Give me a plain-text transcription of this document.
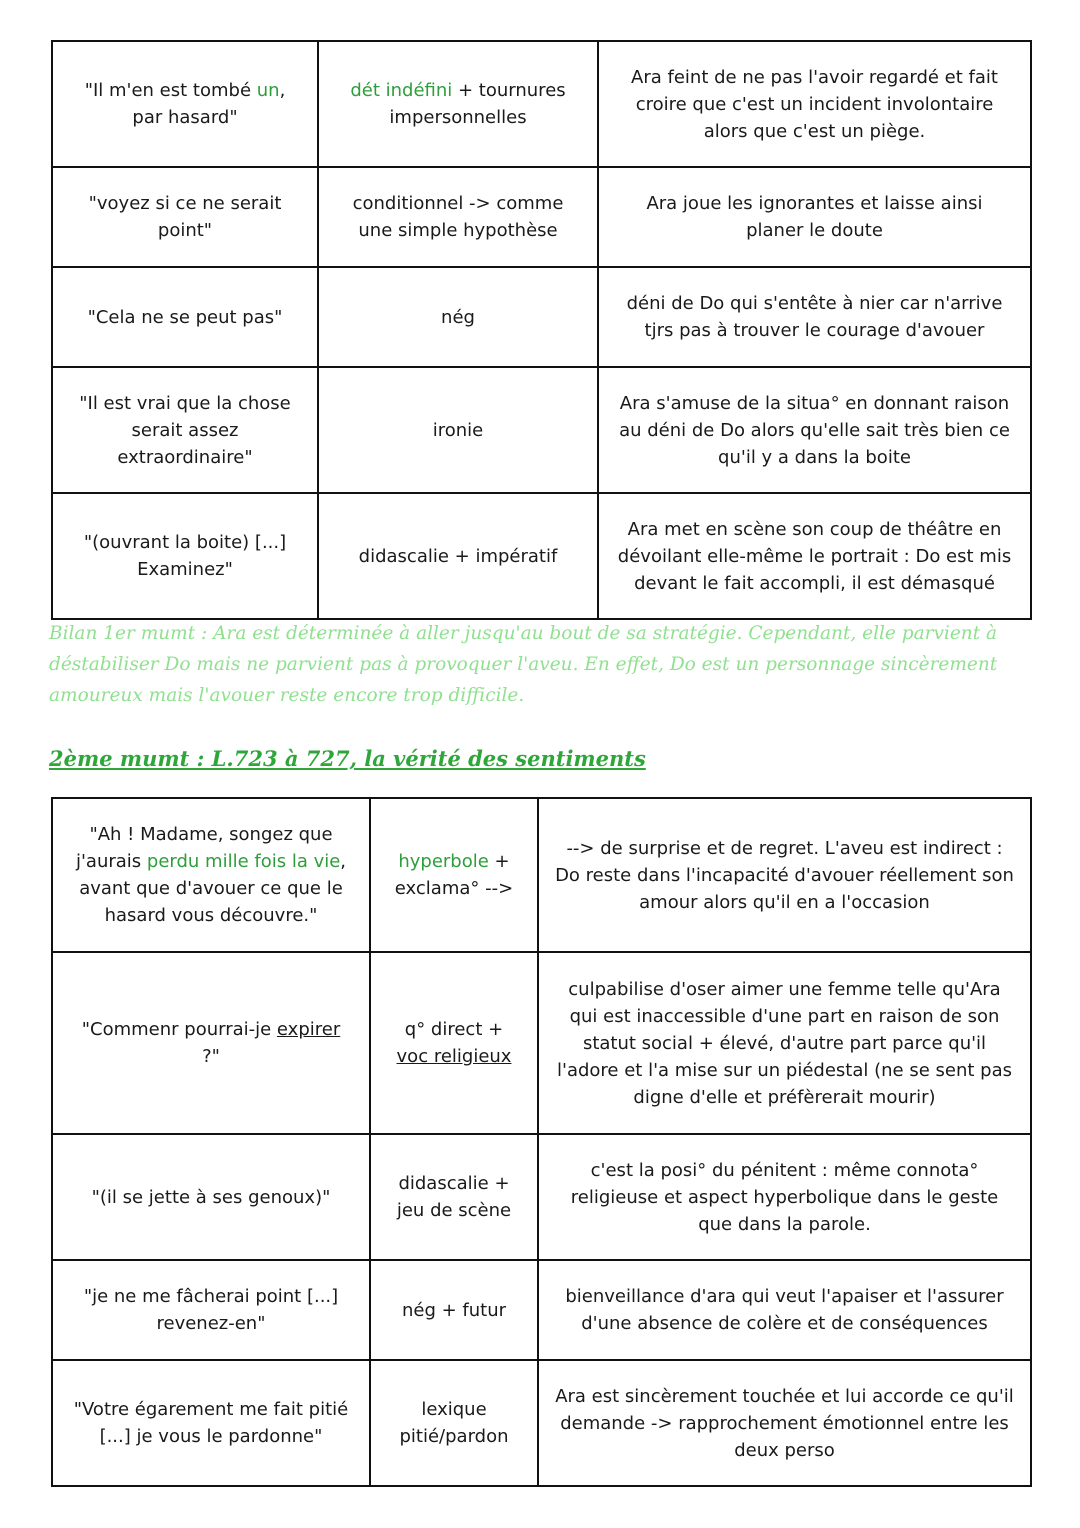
"Il m'en est tombé un,
par hasard"	dét indéfini + tournures
impersonnelles	Ara feint de ne pas l'avoir regardé et fait
croire que c'est un incident involontaire
alors que c'est un piège.
"voyez si ce ne serait
point"	conditionnel -> comme
une simple hypothèse	Ara joue les ignorantes et laisse ainsi
planer le doute
"Cela ne se peut pas"	nég	déni de Do qui s'entête à nier car n'arrive
tjrs pas à trouver le courage d'avouer
"Il est vrai que la chose
serait assez
extraordinaire"	ironie	Ara s'amuse de la situa° en donnant raison
au déni de Do alors qu'elle sait très bien ce
qu'il y a dans la boite
"(ouvrant la boite) [...]
Examinez"	didascalie + impératif	Ara met en scène son coup de théâtre en
dévoilant elle-même le portrait : Do est mis
devant le fait accompli, il est démasqué

Bilan 1er mumt : Ara est déterminée à aller jusqu'au bout de sa stratégie. Cependant, elle parvient à déstabiliser Do mais ne parvient pas à provoquer l'aveu. En effet, Do est un personnage sincèrement amoureux mais l'avouer reste encore trop difficile.

2ème mumt : L.723 à 727, la vérité des sentiments
"Ah ! Madame, songez que
j'aurais perdu mille fois la vie,
avant que d'avouer ce que le
hasard vous découvre."	hyperbole +
exclama° -->	--> de surprise et de regret. L'aveu est indirect :
Do reste dans l'incapacité d'avouer réellement son
amour alors qu'il en a l'occasion
"Commenr pourrai-je expirer
?"	q° direct +
voc religieux	culpabilise d'oser aimer une femme telle qu'Ara
qui est inaccessible d'une part en raison de son
statut social + élevé, d'autre part parce qu'il
l'adore et l'a mise sur un piédestal (ne se sent pas
digne d'elle et préfèrerait mourir)
"(il se jette à ses genoux)"	didascalie +
jeu de scène	c'est la posi° du pénitent : même connota°
religieuse et aspect hyperbolique dans le geste
que dans la parole.
"je ne me fâcherai point [...]
revenez-en"	nég + futur	bienveillance d'ara qui veut l'apaiser et l'assurer
d'une absence de colère et de conséquences
"Votre égarement me fait pitié
[...] je vous le pardonne"	lexique
pitié/pardon	Ara est sincèrement touchée et lui accorde ce qu'il
demande -> rapprochement émotionnel entre les
deux perso
